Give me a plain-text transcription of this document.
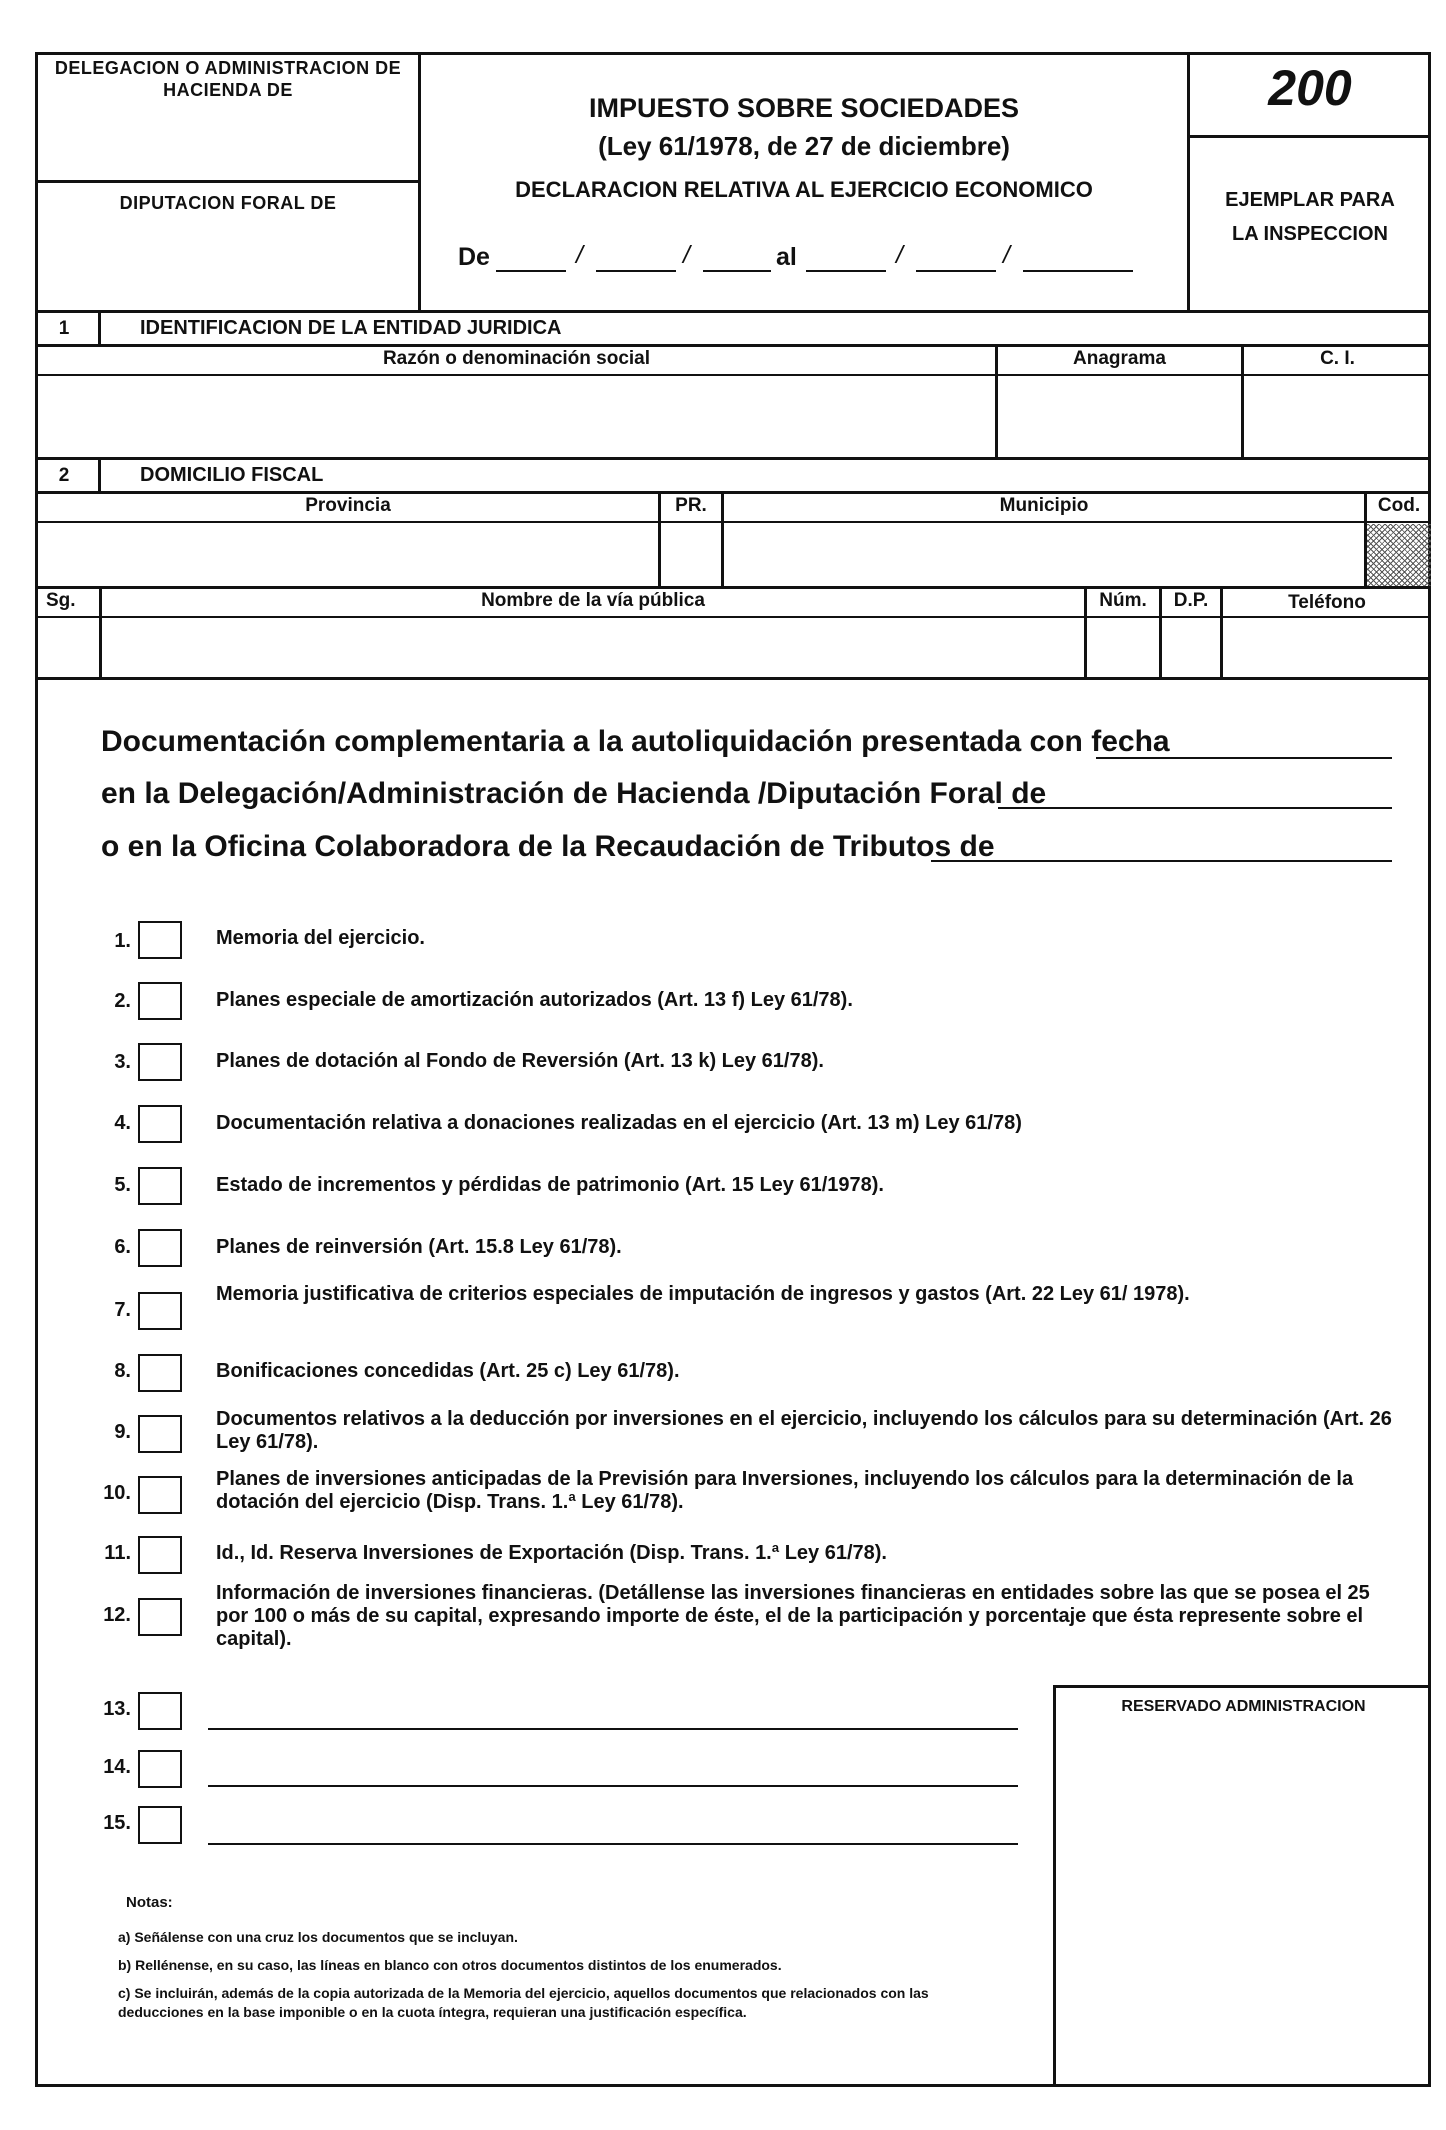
DELEGACION O ADMINISTRACION DE HACIENDA DE
DIPUTACION FORAL DE
IMPUESTO SOBRE SOCIEDADES
(Ley 61/1978, de 27 de diciembre)
DECLARACION RELATIVA AL EJERCICIO ECONOMICO
De	/	/	al	/	/
200
EJEMPLAR PARA LA INSPECCION
1	IDENTIFICACION DE LA ENTIDAD JURIDICA
Razón o denominación social	Anagrama	C. I.
2	DOMICILIO FISCAL
Provincia	PR.	Municipio	Cod.
Sg.	Nombre de la vía pública	Núm.	D.P.	Teléfono
Documentación complementaria a la autoliquidación presentada con fecha
en la Delegación/Administración de Hacienda /Diputación Foral de
o en la Oficina Colaboradora de la Recaudación de Tributos de
1.	Memoria del ejercicio.
2.	Planes especiale de amortización autorizados (Art. 13 f) Ley 61/78).
3.	Planes de dotación al Fondo de Reversión (Art. 13 k) Ley 61/78).
4.	Documentación relativa a donaciones realizadas en el ejercicio (Art. 13 m) Ley 61/78)
5.	Estado de incrementos y pérdidas de patrimonio (Art. 15 Ley 61/1978).
6.	Planes de reinversión (Art. 15.8 Ley 61/78).
7.
Memoria justificativa de criterios especiales de imputación de ingresos y gastos (Art. 22 Ley 61/ 1978).
8.	Bonificaciones concedidas (Art. 25 c) Ley 61/78).
9.
Documentos relativos a la deducción por inversiones en el ejercicio, incluyendo los cálculos para su determinación (Art. 26 Ley 61/78).
10.
Planes de inversiones anticipadas de la Previsión para Inversiones, incluyendo los cálculos para la determinación de la dotación del ejercicio (Disp. Trans. 1.ª Ley 61/78).
11.	Id., Id. Reserva Inversiones de Exportación (Disp. Trans. 1.ª Ley 61/78).
12.
Información de inversiones financieras. (Detállense las inversiones financieras en entidades sobre las que se posea el 25 por 100 o más de su capital, expresando importe de éste, el de la participación y porcentaje que ésta represente sobre el capital).
13.
14.
15.
RESERVADO ADMINISTRACION
Notas:
a) Señálense con una cruz los documentos que se incluyan.
b) Rellénense, en su caso, las líneas en blanco con otros documentos distintos de los enumerados.
c) Se incluirán, además de la copia autorizada de la Memoria del ejercicio, aquellos documentos que relacionados con las deducciones en la base imponible o en la cuota íntegra, requieran una justificación específica.
